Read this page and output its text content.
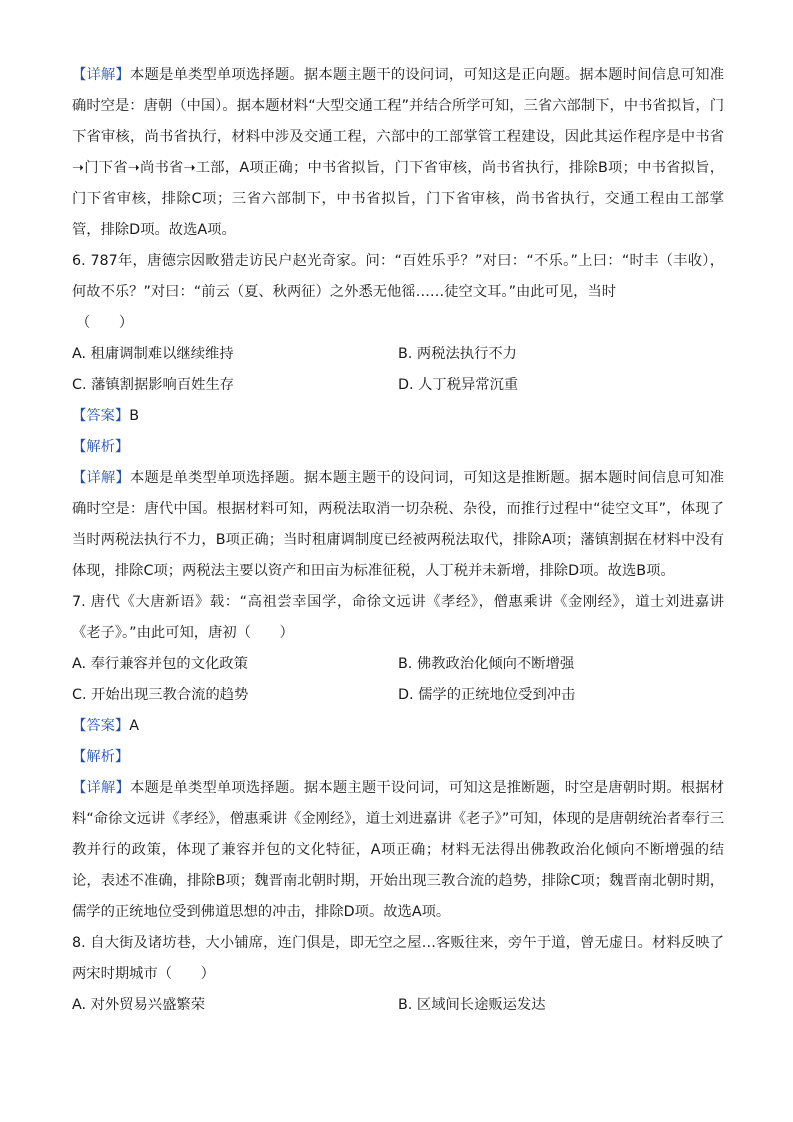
【详解】本题是单类型单项选择题。据本题主题干的设问词，可知这是正向题。据本题时间信息可知准确时空是：唐朝（中国）。据本题材料“大型交通工程”并结合所学可知，三省六部制下，中书省拟旨，门下省审核，尚书省执行，材料中涉及交通工程，六部中的工部掌管工程建设，因此其运作程序是中书省➝门下省➝尚书省➝工部，A项正确；中书省拟旨，门下省审核，尚书省执行，排除B项；中书省拟旨，门下省审核，排除C项；三省六部制下，中书省拟旨，门下省审核，尚书省执行，交通工程由工部掌管，排除D项。故选A项。

6. 787年，唐德宗因畋猎走访民户赵光奇家。问：“百姓乐乎？”对曰：“不乐。”上曰：“时丰（丰收），何故不乐？”对曰：“前云（夏、秋两征）之外悉无他徭……徒空文耳。”由此可见，当时

（　　）
A. 租庸调制难以继续维持	B. 两税法执行不力
C. 藩镇割据影响百姓生存	D. 人丁税异常沉重

【答案】B

【解析】

【详解】本题是单类型单项选择题。据本题主题干的设问词，可知这是推断题。据本题时间信息可知准确时空是：唐代中国。根据材料可知，两税法取消一切杂税、杂役，而推行过程中“徒空文耳”，体现了当时两税法执行不力，B项正确；当时租庸调制度已经被两税法取代，排除A项；藩镇割据在材料中没有体现，排除C项；两税法主要以资产和田亩为标准征税，人丁税并未新增，排除D项。故选B项。

7. 唐代《大唐新语》载：“高祖尝幸国学，命徐文远讲《孝经》，僧惠乘讲《金刚经》，道士刘进嘉讲《老子》。”由此可知，唐初（　　）

A. 奉行兼容并包的文化政策	B. 佛教政治化倾向不断增强
C. 开始出现三教合流的趋势	D. 儒学的正统地位受到冲击

【答案】A

【解析】

【详解】本题是单类型单项选择题。据本题主题干设问词，可知这是推断题，时空是唐朝时期。根据材料“命徐文远讲《孝经》，僧惠乘讲《金刚经》，道士刘进嘉讲《老子》”可知，体现的是唐朝统治者奉行三教并行的政策，体现了兼容并包的文化特征，A项正确；材料无法得出佛教政治化倾向不断增强的结论，表述不准确，排除B项；魏晋南北朝时期，开始出现三教合流的趋势，排除C项；魏晋南北朝时期，儒学的正统地位受到佛道思想的冲击，排除D项。故选A项。

8. 自大街及诸坊巷，大小铺席，连门俱是，即无空之屋…客贩往来，旁午于道，曾无虚日。材料反映了两宋时期城市（　　）

A. 对外贸易兴盛繁荣	B. 区域间长途贩运发达
